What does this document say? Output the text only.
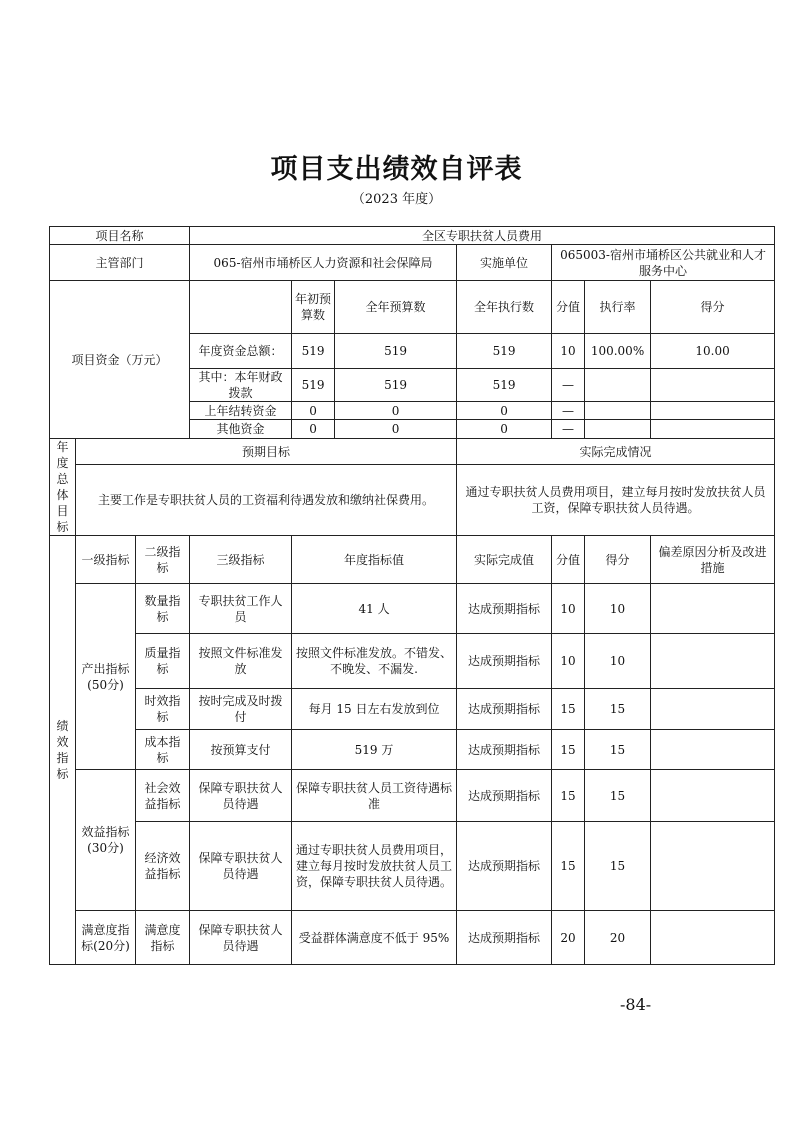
项目支出绩效自评表
（2023 年度）
项目名称			全区专职扶贫人员费用						
主管部门			065-宿州市埇桥区人力资源和社会保障局			实施单位	065003-宿州市埇桥区公共就业和人才服务中心		
项目资金（万元）				年初预算数	全年预算数	全年执行数	分值	执行率	得分
			年度资金总额：	519	519	519	10	100.00%	10.00
			其中：本年财政拨款	519	519	519	—		
			上年结转资金	0	0	0	—		
			其他资金	0	0	0	—		
年度总体目标	预期目标					实际完成情况			
	主要工作是专职扶贫人员的工资福利待遇发放和缴纳社保费用。					通过专职扶贫人员费用项目，建立每月按时发放扶贫人员工资，保障专职扶贫人员待遇。			
绩效指标	一级指标	二级指标	三级指标	年度指标值		实际完成值	分值	得分	偏差原因分析及改进措施
	产出指标(50分)	数量指标	专职扶贫工作人员	41 人		达成预期指标	10	10	
		质量指标	按照文件标准发放	按照文件标准发放。不错发、不晚发、不漏发.		达成预期指标	10	10	
		时效指标	按时完成及时拨付	每月 15 日左右发放到位		达成预期指标	15	15	
		成本指标	按预算支付	519 万		达成预期指标	15	15	
	效益指标(30分)	社会效益指标	保障专职扶贫人员待遇	保障专职扶贫人员工资待遇标准		达成预期指标	15	15	
		经济效益指标	保障专职扶贫人员待遇	通过专职扶贫人员费用项目，建立每月按时发放扶贫人员工资，保障专职扶贫人员待遇。		达成预期指标	15	15	
	满意度指标(20分)	满意度指标	保障专职扶贫人员待遇	受益群体满意度不低于 95%		达成预期指标	20	20	
-84-
